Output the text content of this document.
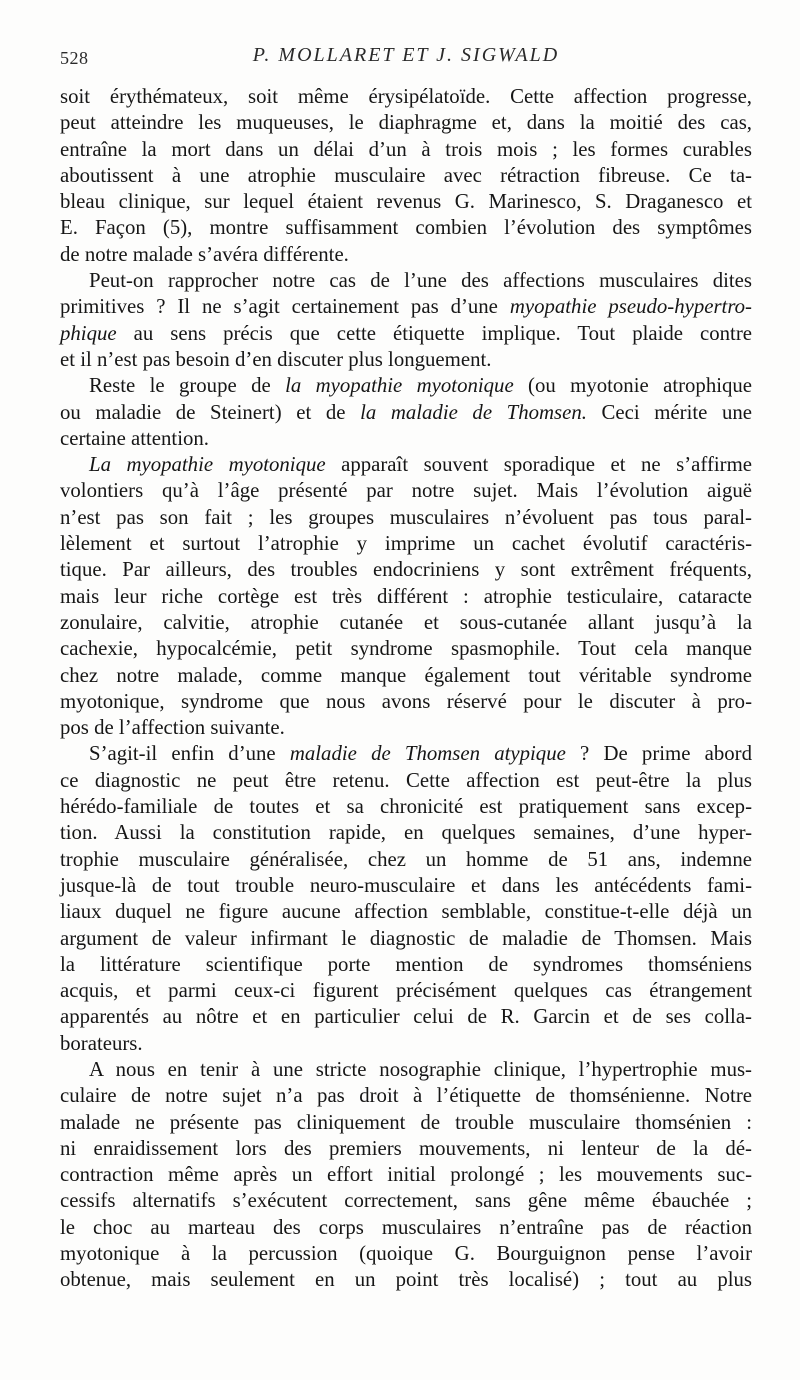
528	P. MOLLARET ET J. SIGWALD
soit érythémateux, soit même érysipélatoïde. Cette affection progresse,
peut atteindre les muqueuses, le diaphragme et, dans la moitié des cas,
entraîne la mort dans un délai d’un à trois mois ; les formes curables
aboutissent à une atrophie musculaire avec rétraction fibreuse. Ce ta-
bleau clinique, sur lequel étaient revenus G. Marinesco, S. Draganesco et
E. Façon (5), montre suffisamment combien l’évolution des symptômes
de notre malade s’avéra différente.
Peut-on rapprocher notre cas de l’une des affections musculaires dites
primitives ? Il ne s’agit certainement pas d’une myopathie pseudo-hypertro-
phique au sens précis que cette étiquette implique. Tout plaide contre
et il n’est pas besoin d’en discuter plus longuement.
Reste le groupe de la myopathie myotonique (ou myotonie atrophique
ou maladie de Steinert) et de la maladie de Thomsen. Ceci mérite une
certaine attention.
La myopathie myotonique apparaît souvent sporadique et ne s’affirme
volontiers qu’à l’âge présenté par notre sujet. Mais l’évolution aiguë
n’est pas son fait ; les groupes musculaires n’évoluent pas tous paral-
lèlement et surtout l’atrophie y imprime un cachet évolutif caractéris-
tique. Par ailleurs, des troubles endocriniens y sont extrêment fréquents,
mais leur riche cortège est très différent : atrophie testiculaire, cataracte
zonulaire, calvitie, atrophie cutanée et sous-cutanée allant jusqu’à la
cachexie, hypocalcémie, petit syndrome spasmophile. Tout cela manque
chez notre malade, comme manque également tout véritable syndrome
myotonique, syndrome que nous avons réservé pour le discuter à pro-
pos de l’affection suivante.
S’agit-il enfin d’une maladie de Thomsen atypique ? De prime abord
ce diagnostic ne peut être retenu. Cette affection est peut-être la plus
hérédo-familiale de toutes et sa chronicité est pratiquement sans excep-
tion. Aussi la constitution rapide, en quelques semaines, d’une hyper-
trophie musculaire généralisée, chez un homme de 51 ans, indemne
jusque-là de tout trouble neuro-musculaire et dans les antécédents fami-
liaux duquel ne figure aucune affection semblable, constitue-t-elle déjà un
argument de valeur infirmant le diagnostic de maladie de Thomsen. Mais
la littérature scientifique porte mention de syndromes thomséniens
acquis, et parmi ceux-ci figurent précisément quelques cas étrangement
apparentés au nôtre et en particulier celui de R. Garcin et de ses colla-
borateurs.
A nous en tenir à une stricte nosographie clinique, l’hypertrophie mus-
culaire de notre sujet n’a pas droit à l’étiquette de thomsénienne. Notre
malade ne présente pas cliniquement de trouble musculaire thomsénien :
ni enraidissement lors des premiers mouvements, ni lenteur de la dé-
contraction même après un effort initial prolongé ; les mouvements suc-
cessifs alternatifs s’exécutent correctement, sans gêne même ébauchée ;
le choc au marteau des corps musculaires n’entraîne pas de réaction
myotonique à la percussion (quoique G. Bourguignon pense l’avoir
obtenue, mais seulement en un point très localisé) ; tout au plus
